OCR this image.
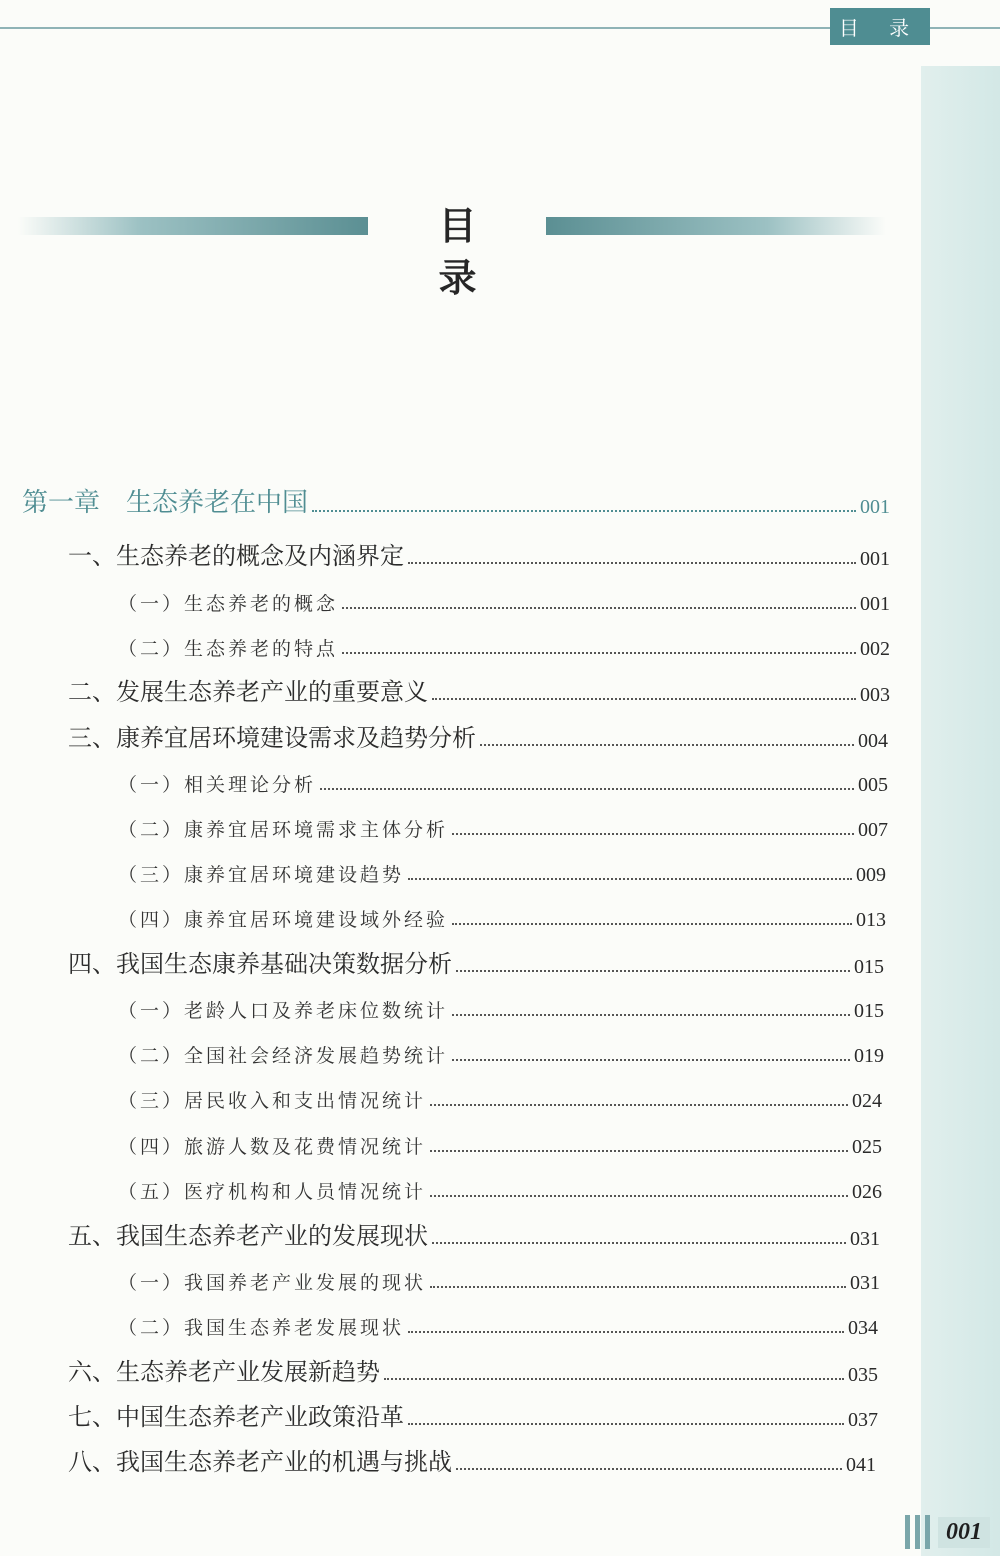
目 录
目 录
第一章　生态养老在中国	001
一、生态养老的概念及内涵界定	001
（一）生态养老的概念	001
（二）生态养老的特点	002
二、发展生态养老产业的重要意义	003
三、康养宜居环境建设需求及趋势分析	004
（一）相关理论分析	005
（二）康养宜居环境需求主体分析	007
（三）康养宜居环境建设趋势	009
（四）康养宜居环境建设域外经验	013
四、我国生态康养基础决策数据分析	015
（一）老龄人口及养老床位数统计	015
（二）全国社会经济发展趋势统计	019
（三）居民收入和支出情况统计	024
（四）旅游人数及花费情况统计	025
（五）医疗机构和人员情况统计	026
五、我国生态养老产业的发展现状	031
（一）我国养老产业发展的现状	031
（二）我国生态养老发展现状	034
六、生态养老产业发展新趋势	035
七、中国生态养老产业政策沿革	037
八、我国生态养老产业的机遇与挑战	041
001
